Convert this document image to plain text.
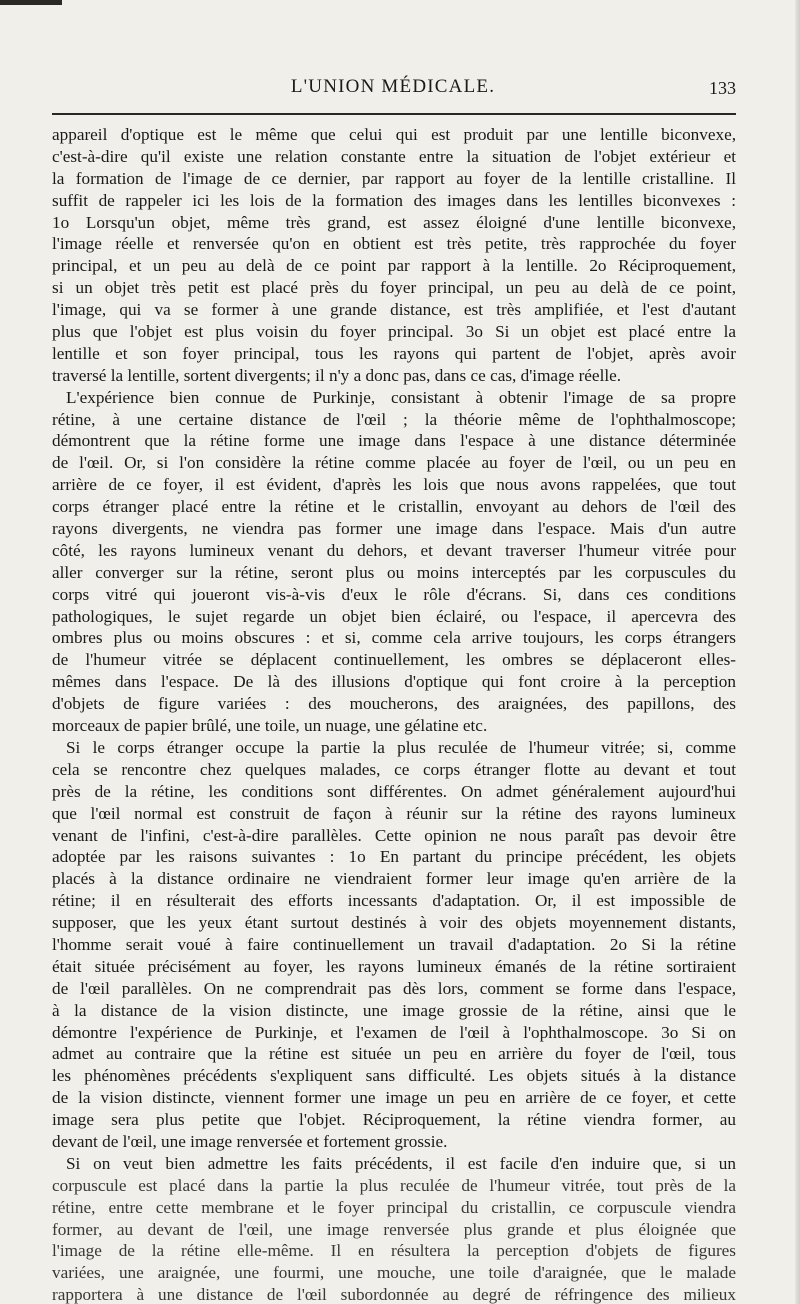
L'UNION MÉDICALE.	133
appareil d'optique est le même que celui qui est produit par une lentille biconvexe,
c'est-à-dire qu'il existe une relation constante entre la situation de l'objet extérieur et
la formation de l'image de ce dernier, par rapport au foyer de la lentille cristalline. Il
suffit de rappeler ici les lois de la formation des images dans les lentilles biconvexes :
1o Lorsqu'un objet, même très grand, est assez éloigné d'une lentille biconvexe,
l'image réelle et renversée qu'on en obtient est très petite, très rapprochée du foyer
principal, et un peu au delà de ce point par rapport à la lentille. 2o Réciproquement,
si un objet très petit est placé près du foyer principal, un peu au delà de ce point,
l'image, qui va se former à une grande distance, est très amplifiée, et l'est d'autant
plus que l'objet est plus voisin du foyer principal. 3o Si un objet est placé entre la
lentille et son foyer principal, tous les rayons qui partent de l'objet, après avoir
traversé la lentille, sortent divergents; il n'y a donc pas, dans ce cas, d'image réelle.
L'expérience bien connue de Purkinje, consistant à obtenir l'image de sa propre
rétine, à une certaine distance de l'œil ; la théorie même de l'ophthalmoscope;
démontrent que la rétine forme une image dans l'espace à une distance déterminée
de l'œil. Or, si l'on considère la rétine comme placée au foyer de l'œil, ou un peu en
arrière de ce foyer, il est évident, d'après les lois que nous avons rappelées, que tout
corps étranger placé entre la rétine et le cristallin, envoyant au dehors de l'œil des
rayons divergents, ne viendra pas former une image dans l'espace. Mais d'un autre
côté, les rayons lumineux venant du dehors, et devant traverser l'humeur vitrée pour
aller converger sur la rétine, seront plus ou moins interceptés par les corpuscules du
corps vitré qui joueront vis-à-vis d'eux le rôle d'écrans. Si, dans ces conditions
pathologiques, le sujet regarde un objet bien éclairé, ou l'espace, il apercevra des
ombres plus ou moins obscures : et si, comme cela arrive toujours, les corps étrangers
de l'humeur vitrée se déplacent continuellement, les ombres se déplaceront elles-
mêmes dans l'espace. De là des illusions d'optique qui font croire à la perception
d'objets de figure variées : des moucherons, des araignées, des papillons, des
morceaux de papier brûlé, une toile, un nuage, une gélatine etc.
Si le corps étranger occupe la partie la plus reculée de l'humeur vitrée; si, comme
cela se rencontre chez quelques malades, ce corps étranger flotte au devant et tout
près de la rétine, les conditions sont différentes. On admet généralement aujourd'hui
que l'œil normal est construit de façon à réunir sur la rétine des rayons lumineux
venant de l'infini, c'est-à-dire parallèles. Cette opinion ne nous paraît pas devoir être
adoptée par les raisons suivantes : 1o En partant du principe précédent, les objets
placés à la distance ordinaire ne viendraient former leur image qu'en arrière de la
rétine; il en résulterait des efforts incessants d'adaptation. Or, il est impossible de
supposer, que les yeux étant surtout destinés à voir des objets moyennement distants,
l'homme serait voué à faire continuellement un travail d'adaptation. 2o Si la rétine
était située précisément au foyer, les rayons lumineux émanés de la rétine sortiraient
de l'œil parallèles. On ne comprendrait pas dès lors, comment se forme dans l'espace,
à la distance de la vision distincte, une image grossie de la rétine, ainsi que le
démontre l'expérience de Purkinje, et l'examen de l'œil à l'ophthalmoscope. 3o Si on
admet au contraire que la rétine est située un peu en arrière du foyer de l'œil, tous
les phénomènes précédents s'expliquent sans difficulté. Les objets situés à la distance
de la vision distincte, viennent former une image un peu en arrière de ce foyer, et cette
image sera plus petite que l'objet. Réciproquement, la rétine viendra former, au
devant de l'œil, une image renversée et fortement grossie.
Si on veut bien admettre les faits précédents, il est facile d'en induire que, si un
corpuscule est placé dans la partie la plus reculée de l'humeur vitrée, tout près de la
rétine, entre cette membrane et le foyer principal du cristallin, ce corpuscule viendra
former, au devant de l'œil, une image renversée plus grande et plus éloignée que
l'image de la rétine elle-même. Il en résultera la perception d'objets de figures
variées, une araignée, une fourmi, une mouche, une toile d'araignée, que le malade
rapportera à une distance de l'œil subordonnée au degré de réfringence des milieux
